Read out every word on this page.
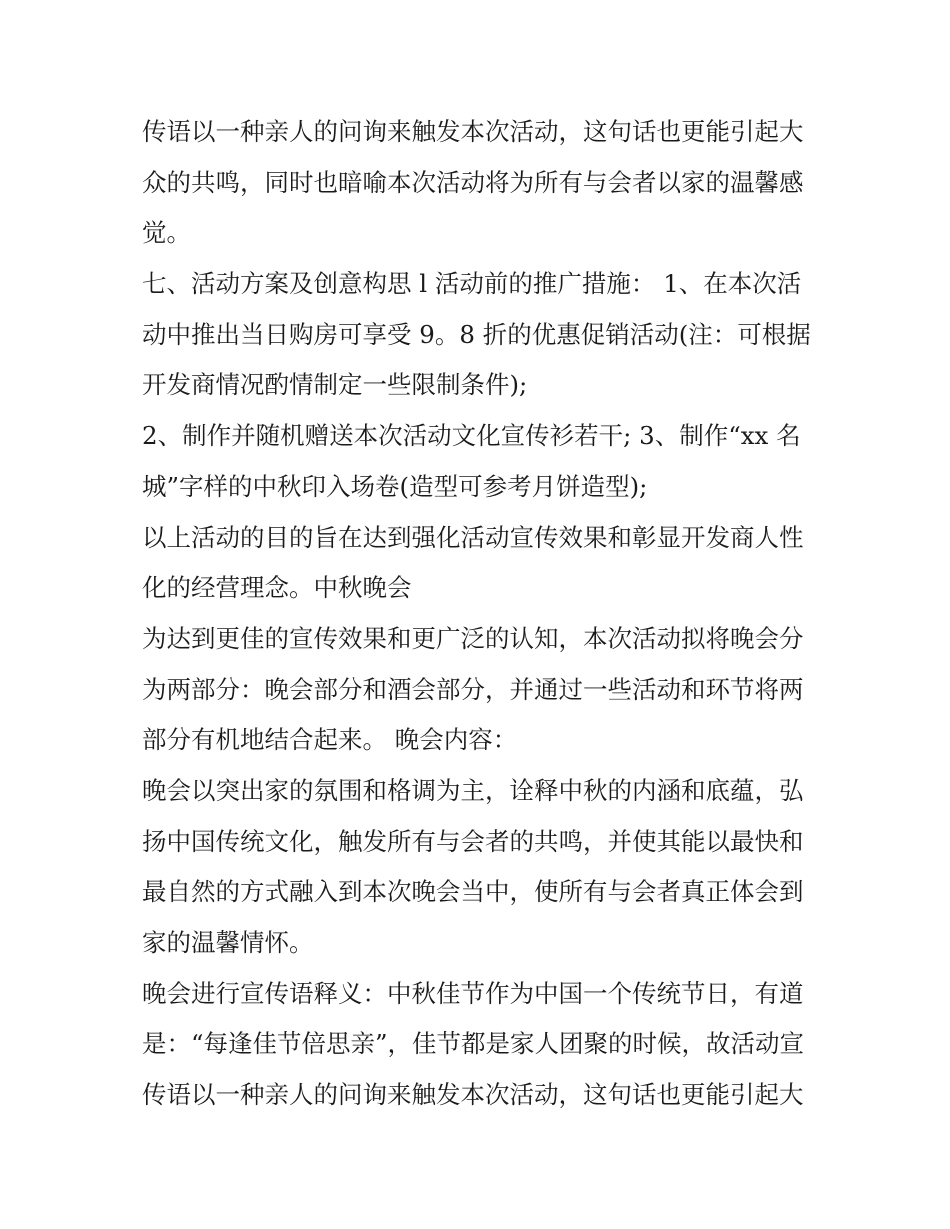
传语以一种亲人的问询来触发本次活动，这句话也更能引起大
众的共鸣，同时也暗喻本次活动将为所有与会者以家的温馨感
觉。
七、活动方案及创意构思 l 活动前的推广措施： 1、在本次活
动中推出当日购房可享受 9。8 折的优惠促销活动(注：可根据
开发商情况酌情制定一些限制条件);
2、制作并随机赠送本次活动文化宣传衫若干; 3、制作“xx 名
城”字样的中秋印入场卷(造型可参考月饼造型);
以上活动的目的旨在达到强化活动宣传效果和彰显开发商人性
化的经营理念。中秋晚会
为达到更佳的宣传效果和更广泛的认知，本次活动拟将晚会分
为两部分：晚会部分和酒会部分，并通过一些活动和环节将两
部分有机地结合起来。 晚会内容：
晚会以突出家的氛围和格调为主，诠释中秋的内涵和底蕴，弘
扬中国传统文化，触发所有与会者的共鸣，并使其能以最快和
最自然的方式融入到本次晚会当中，使所有与会者真正体会到
家的温馨情怀。
晚会进行宣传语释义：中秋佳节作为中国一个传统节日，有道
是：“每逢佳节倍思亲”，佳节都是家人团聚的时候，故活动宣
传语以一种亲人的问询来触发本次活动，这句话也更能引起大
